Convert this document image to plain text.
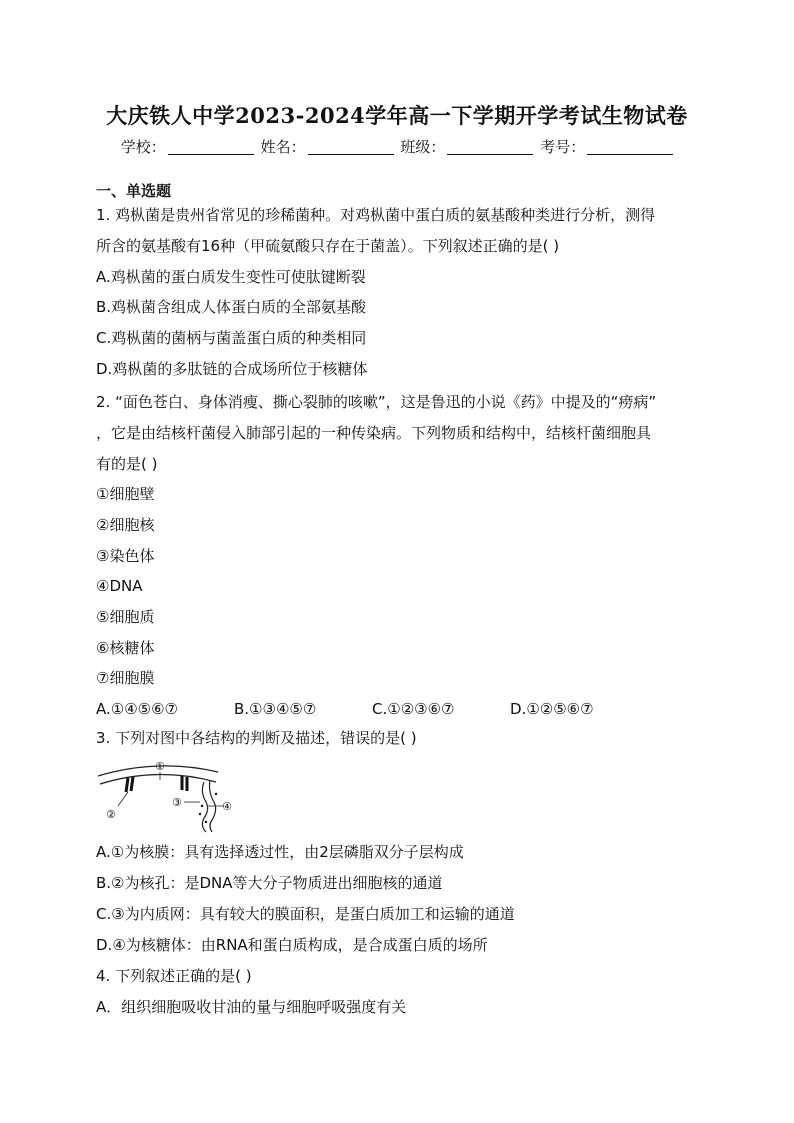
大庆铁人中学2023-2024学年高一下学期开学考试生物试卷
学校：	姓名：	班级：	考号：
一、单选题
1. 鸡枞菌是贵州省常见的珍稀菌种。对鸡枞菌中蛋白质的氨基酸种类进行分析，测得
所含的氨基酸有16种（甲硫氨酸只存在于菌盖）。下列叙述正确的是( )
A.鸡枞菌的蛋白质发生变性可使肽键断裂
B.鸡枞菌含组成人体蛋白质的全部氨基酸
C.鸡枞菌的菌柄与菌盖蛋白质的种类相同
D.鸡枞菌的多肽链的合成场所位于核糖体
2. “面色苍白、身体消瘦、撕心裂肺的咳嗽”，这是鲁迅的小说《药》中提及的“痨病”
，它是由结核杆菌侵入肺部引起的一种传染病。下列物质和结构中，结核杆菌细胞具
有的是( )
①细胞壁
②细胞核
③染色体
④DNA
⑤细胞质
⑥核糖体
⑦细胞膜
A.①④⑤⑥⑦	B.①③④⑤⑦	C.①②③⑥⑦	D.①②⑤⑥⑦
3. 下列对图中各结构的判断及描述，错误的是( )
①
②
③	④
A.①为核膜：具有选择透过性，由2层磷脂双分子层构成
B.②为核孔：是DNA等大分子物质进出细胞核的通道
C.③为内质网：具有较大的膜面积，是蛋白质加工和运输的通道
D.④为核糖体：由RNA和蛋白质构成，是合成蛋白质的场所
4. 下列叙述正确的是( )
A．组织细胞吸收甘油的量与细胞呼吸强度有关
